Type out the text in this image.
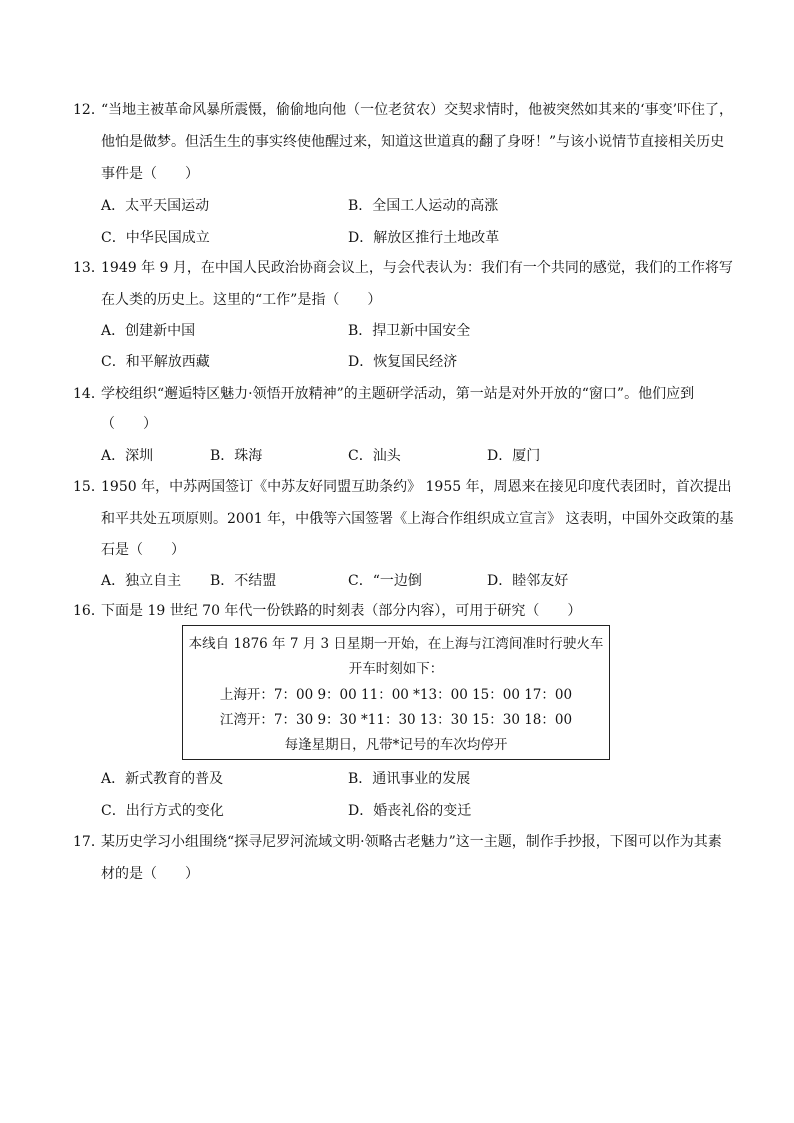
12．
“当地主被革命风暴所震慑，偷偷地向他（一位老贫农）交契求情时，他被突然如其来的‘事变’吓住了，
他怕是做梦。但活生生的事实终使他醒过来，知道这世道真的翻了身呀！”与该小说情节直接相关历史
事件是（　　）
A．太平天国运动	B．全国工人运动的高涨
C．中华民国成立	D．解放区推行土地改革
13．
1949 年 9 月，在中国人民政治协商会议上，与会代表认为：我们有一个共同的感觉，我们的工作将写
在人类的历史上。这里的“工作”是指（　　）
A．创建新中国	B．捍卫新中国安全
C．和平解放西藏	D．恢复国民经济
14．
学校组织“邂逅特区魅力·领悟开放精神”的主题研学活动，第一站是对外开放的“窗口”。他们应到
（　　）
A．深圳	B．珠海	C．汕头	D．厦门
15．
1950 年，中苏两国签订《中苏友好同盟互助条约》 1955 年，周恩来在接见印度代表团时，首次提出
和平共处五项原则。2001 年，中俄等六国签署《上海合作组织成立宣言》 这表明，中国外交政策的基
石是（　　）
A．独立自主 B．不结盟	C．“一边倒	D．睦邻友好
16．
下面是 19 世纪 70 年代一份铁路的时刻表（部分内容），可用于研究（　　）
本线自 1876 年 7 月 3 日星期一开始，在上海与江湾间准时行驶火车
开车时刻如下：
上海开：7：00 9：00 11：00 *13：00 15：00 17：00
江湾开：7：30 9：30 *11：30 13：30 15：30 18：00
每逢星期日，凡带*记号的车次均停开
A．新式教育的普及	B．通讯事业的发展
C．出行方式的变化	D．婚丧礼俗的变迁
17．
某历史学习小组围绕“探寻尼罗河流域文明·领略古老魅力”这一主题，制作手抄报，下图可以作为其素
材的是（　　）
